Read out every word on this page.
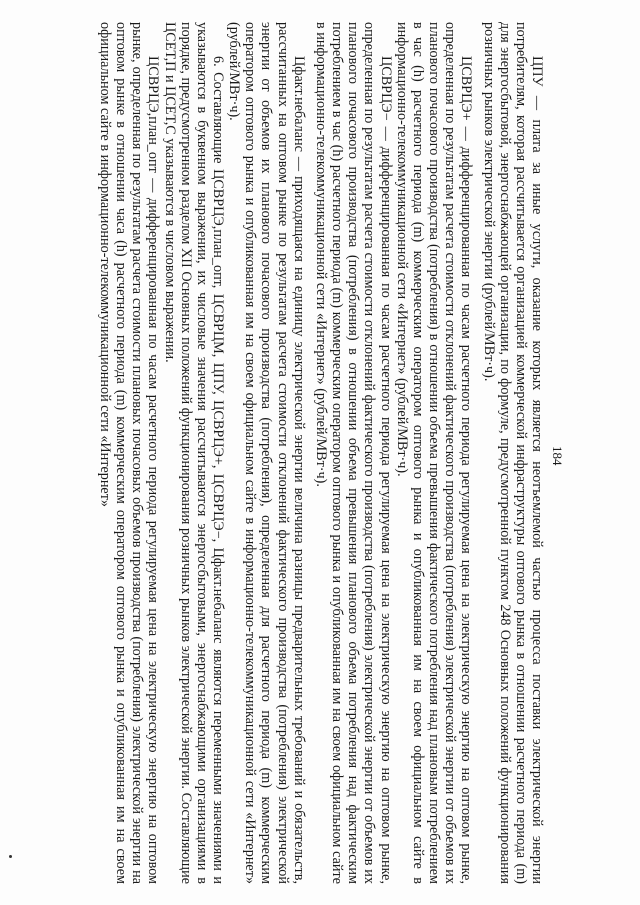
184

ЦПУ — плата за иные услуги, оказание которых является неотъемлемой частью процесса поставки электрической энергии потребителям, которая рассчитывается организацией коммерческой инфраструктуры оптового рынка в отношении расчетного периода (m) для энергосбытовой, энергоснабжающей организации, по формуле, предусмотренной пунктом 248 Основных положений функционирования розничных рынков электрической энергии (рублей/МВт·ч).

ЦСВРЦЭ+ — дифференцированная по часам расчетного периода регулируемая цена на электрическую энергию на оптовом рынке, определенная по результатам расчета стоимости отклонений фактического производства (потребления) электрической энергии от объемов их планового почасового производства (потребления) в отношении объема превышения фактического потребления над плановым потреблением в час (h) расчетного периода (m) коммерческим оператором оптового рынка и опубликованная им на своем официальном сайте в информационно-телекоммуникационной сети «Интернет» (рублей/МВт·ч).

ЦСВРЦЭ− — дифференцированная по часам расчетного периода регулируемая цена на электрическую энергию на оптовом рынке, определенная по результатам расчета стоимости отклонений фактического производства (потребления) электрической энергии от объемов их планового почасового производства (потребления) в отношении объема превышения планового объема потребления над фактическим потреблением в час (h) расчетного периода (m) коммерческим оператором оптового рынка и опубликованная им на своем официальном сайте в информационно-телекоммуникационной сети «Интернет» (рублей/МВт·ч).

Цфакт.небаланс — приходящаяся на единицу электрической энергии величина разницы предварительных требований и обязательств, рассчитанных на оптовом рынке по результатам расчета стоимости отклонений фактического производства (потребления) электрической энергии от объемов их планового почасового производства (потребления), определенная для расчетного периода (m) коммерческим оператором оптового рынка и опубликованная им на своем официальном сайте в информационно-телекоммуникационной сети «Интернет» (рублей/МВт·ч).

6. Составляющие ЦСВРЦЭ,план_опт, ЦСВРЦМ, ЦПУ, ЦСВРЦЭ+, ЦСВРЦЭ−, Цфакт.небаланс являются переменными значениями и указываются в буквенном выражении, их числовые значения рассчитываются энергосбытовыми, энергоснабжающими организациями в порядке, предусмотренном разделом XII Основных положений функционирования розничных рынков электрической энергии. Составляющие ЦСЕТ,П и ЦСЕТ,С указываются в числовом выражении.

ЦСВРЦЭ,план_опт — дифференцированная по часам расчетного периода регулируемая цена на электрическую энергию на оптовом рынке, определенная по результатам расчета стоимости плановых почасовых объемов производства (потребления) электрической энергии на оптовом рынке в отношении часа (h) расчетного периода (m) коммерческим оператором оптового рынка и опубликованная им на своем официальном сайте в информационно-телекоммуникационной сети «Интернет»
